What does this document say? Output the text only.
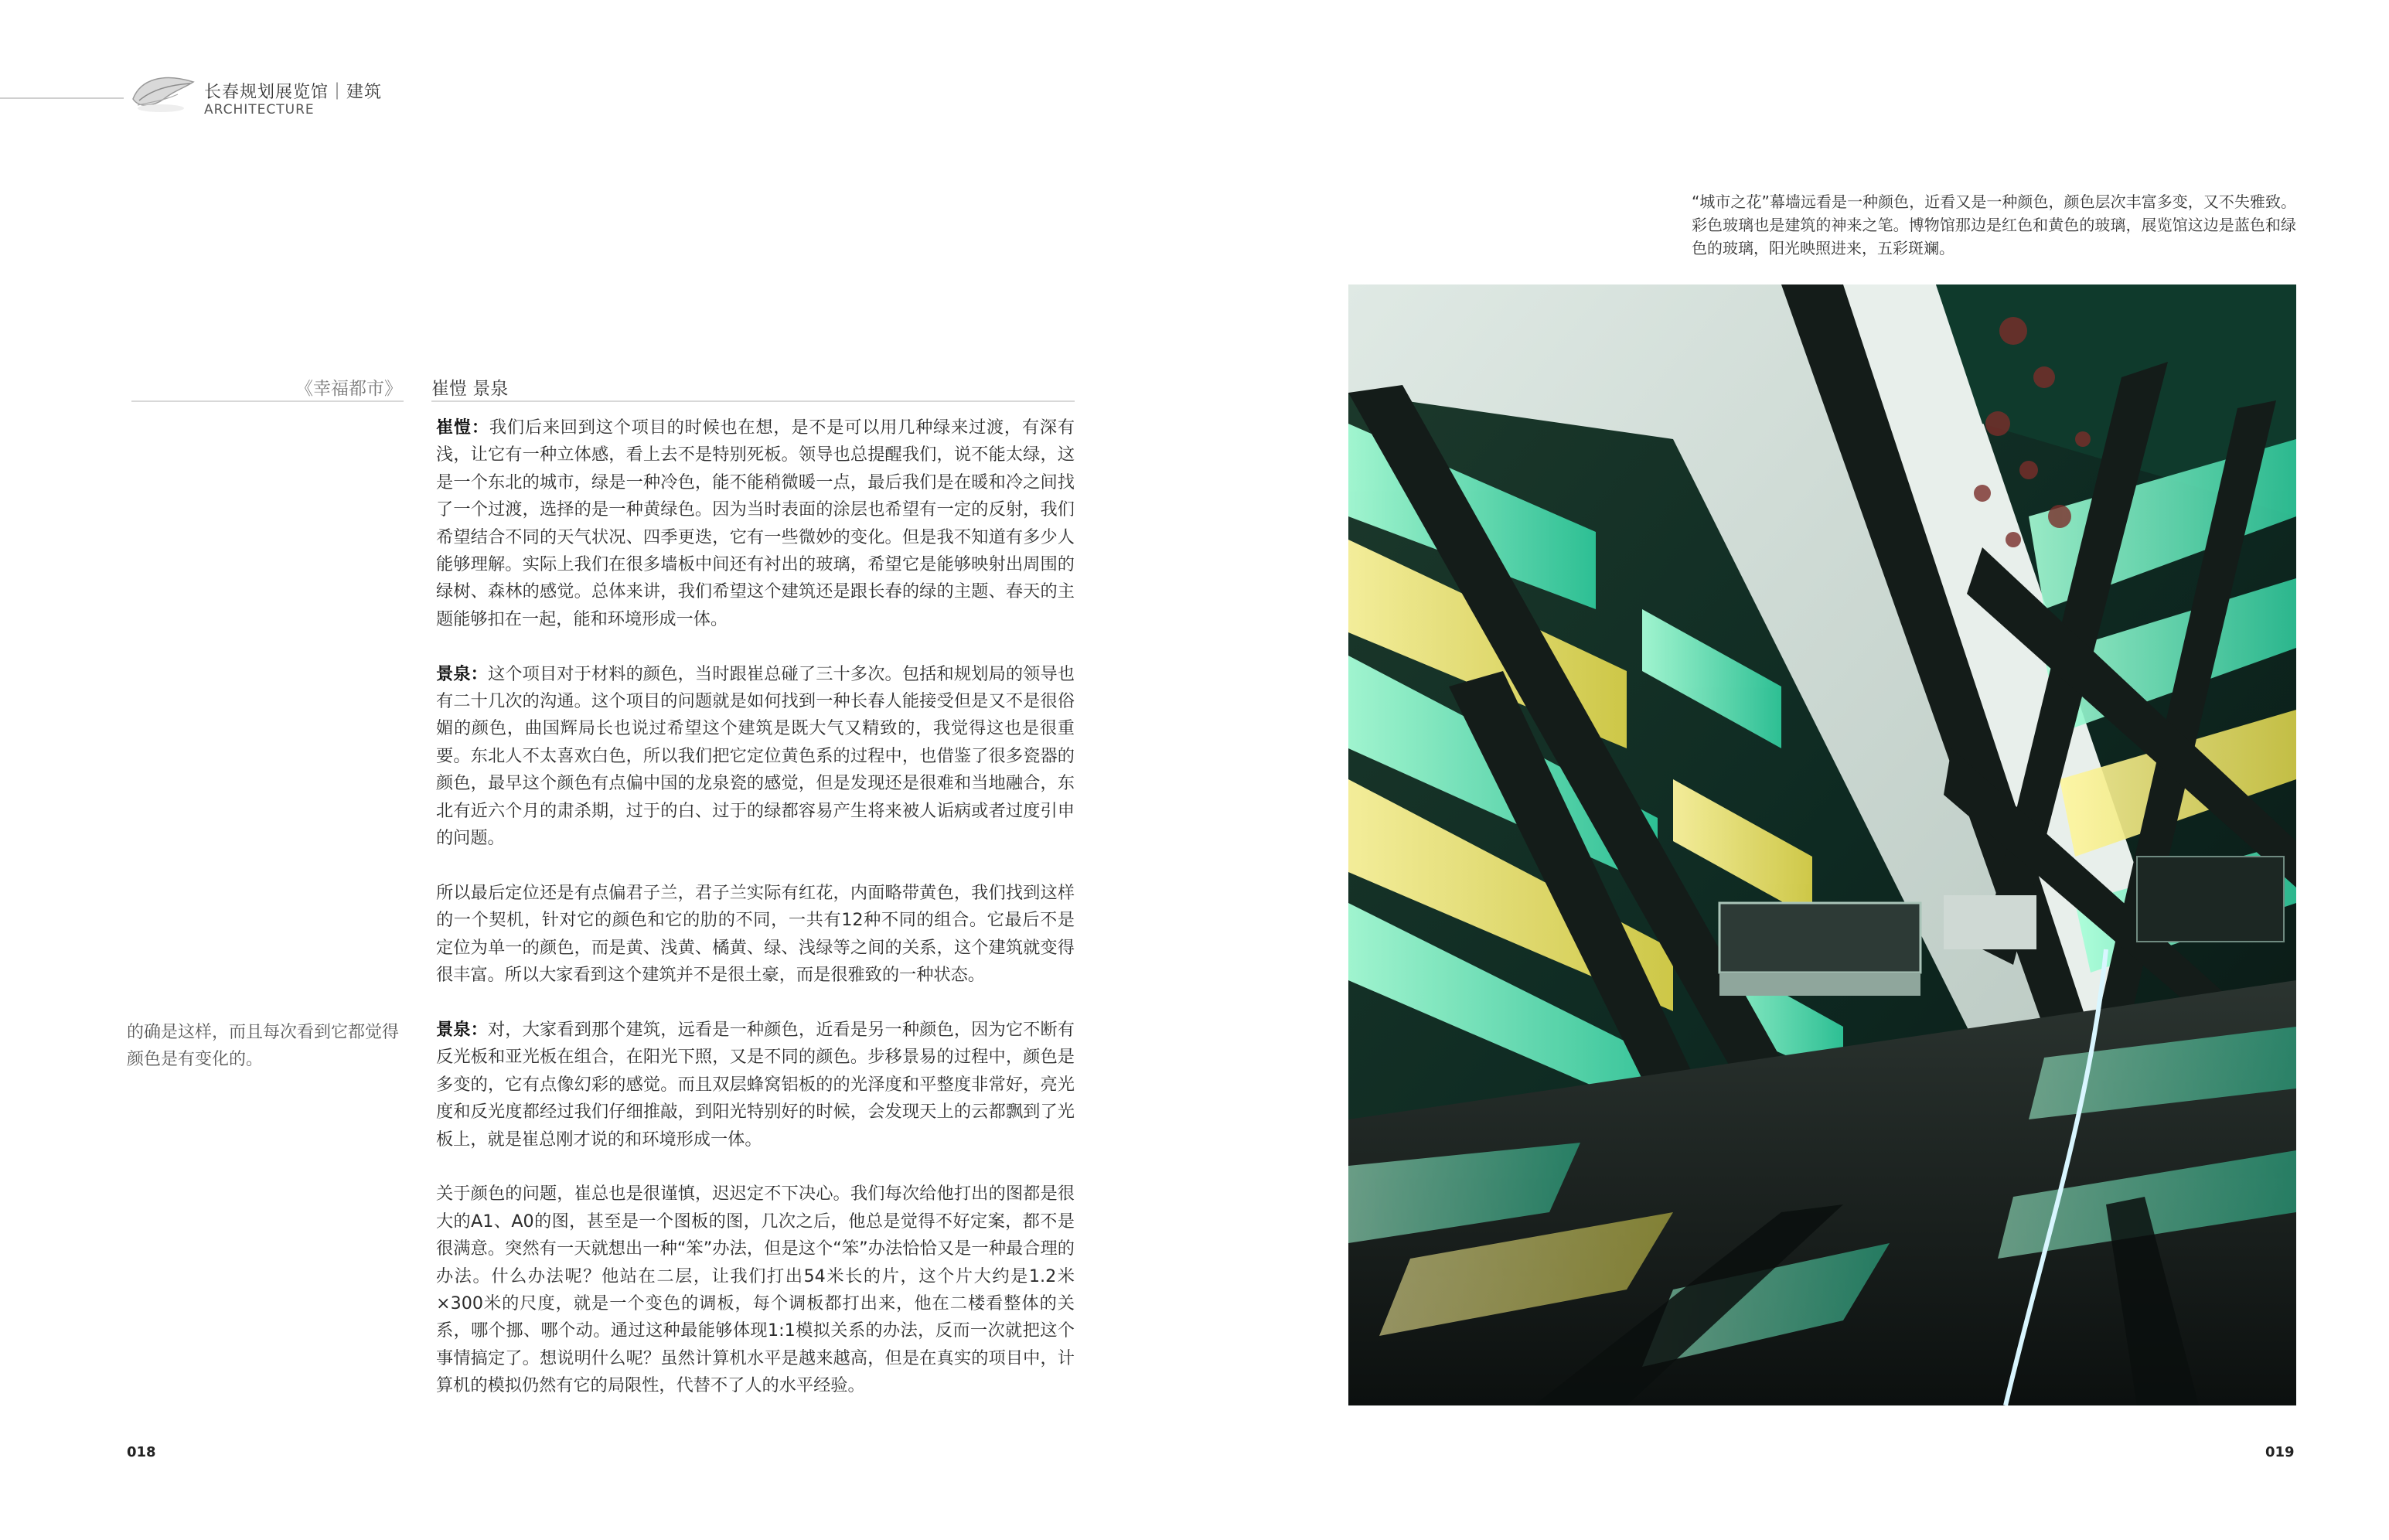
长春规划展览馆｜建筑
ARCHITECTURE
“城市之花”幕墙远看是一种颜色，近看又是一种颜色，颜色层次丰富多变，又不失雅致。彩色玻璃也是建筑的神来之笔。博物馆那边是红色和黄色的玻璃，展览馆这边是蓝色和绿色的玻璃，阳光映照进来，五彩斑斓。
《幸福都市》 崔愷 景泉

崔愷：我们后来回到这个项目的时候也在想，是不是可以用几种绿来过渡，有深有浅，让它有一种立体感，看上去不是特别死板。领导也总提醒我们，说不能太绿，这是一个东北的城市，绿是一种冷色，能不能稍微暖一点，最后我们是在暖和冷之间找了一个过渡，选择的是一种黄绿色。因为当时表面的涂层也希望有一定的反射，我们希望结合不同的天气状况、四季更迭，它有一些微妙的变化。但是我不知道有多少人能够理解。实际上我们在很多墙板中间还有衬出的玻璃，希望它是能够映射出周围的绿树、森林的感觉。总体来讲，我们希望这个建筑还是跟长春的绿的主题、春天的主题能够扣在一起，能和环境形成一体。

景泉：这个项目对于材料的颜色，当时跟崔总碰了三十多次。包括和规划局的领导也有二十几次的沟通。这个项目的问题就是如何找到一种长春人能接受但是又不是很俗媚的颜色，曲国辉局长也说过希望这个建筑是既大气又精致的，我觉得这也是很重要。东北人不太喜欢白色，所以我们把它定位黄色系的过程中，也借鉴了很多瓷器的颜色，最早这个颜色有点偏中国的龙泉瓷的感觉，但是发现还是很难和当地融合，东北有近六个月的肃杀期，过于的白、过于的绿都容易产生将来被人诟病或者过度引申的问题。

所以最后定位还是有点偏君子兰，君子兰实际有红花，内面略带黄色，我们找到这样的一个契机，针对它的颜色和它的肋的不同，一共有12种不同的组合。它最后不是定位为单一的颜色，而是黄、浅黄、橘黄、绿、浅绿等之间的关系，这个建筑就变得很丰富。所以大家看到这个建筑并不是很土豪，而是很雅致的一种状态。

景泉：对，大家看到那个建筑，远看是一种颜色，近看是另一种颜色，因为它不断有反光板和亚光板在组合，在阳光下照，又是不同的颜色。步移景易的过程中，颜色是多变的，它有点像幻彩的感觉。而且双层蜂窝铝板的的光泽度和平整度非常好，亮光度和反光度都经过我们仔细推敲，到阳光特别好的时候，会发现天上的云都飘到了光板上，就是崔总刚才说的和环境形成一体。

关于颜色的问题，崔总也是很谨慎，迟迟定不下决心。我们每次给他打出的图都是很大的A1、A0的图，甚至是一个图板的图，几次之后，他总是觉得不好定案，都不是很满意。突然有一天就想出一种“笨”办法，但是这个“笨”办法恰恰又是一种最合理的办法。什么办法呢？他站在二层，让我们打出54米长的片，这个片大约是1.2米×300米的尺度，就是一个变色的调板，每个调板都打出来，他在二楼看整体的关系，哪个挪、哪个动。通过这种最能够体现1:1模拟关系的办法，反而一次就把这个事情搞定了。想说明什么呢？虽然计算机水平是越来越高，但是在真实的项目中，计算机的模拟仍然有它的局限性，代替不了人的水平经验。

的确是这样，而且每次看到它都觉得颜色是有变化的。
018	019
